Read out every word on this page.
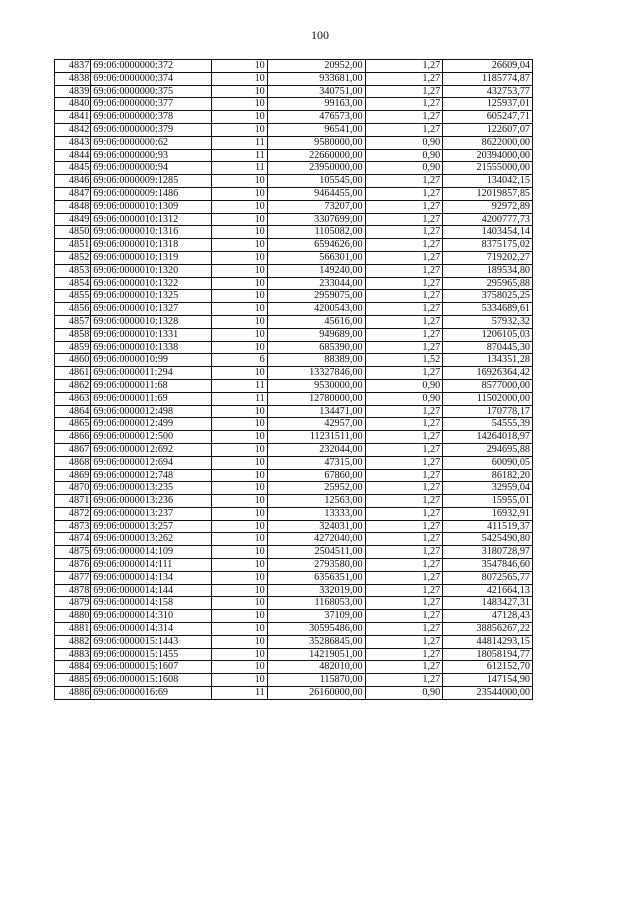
100
4837	69:06:0000000:372	10	20952,00	1,27	26609,04
4838	69:06:0000000:374	10	933681,00	1,27	1185774,87
4839	69:06:0000000:375	10	340751,00	1,27	432753,77
4840	69:06:0000000:377	10	99163,00	1,27	125937,01
4841	69:06:0000000:378	10	476573,00	1,27	605247,71
4842	69:06:0000000:379	10	96541,00	1,27	122607,07
4843	69:06:0000000:62	11	9580000,00	0,90	8622000,00
4844	69:06:0000000:93	11	22660000,00	0,90	20394000,00
4845	69:06:0000000:94	11	23950000,00	0,90	21555000,00
4846	69:06:0000009:1285	10	105545,00	1,27	134042,15
4847	69:06:0000009:1486	10	9464455,00	1,27	12019857,85
4848	69:06:0000010:1309	10	73207,00	1,27	92972,89
4849	69:06:0000010:1312	10	3307699,00	1,27	4200777,73
4850	69:06:0000010:1316	10	1105082,00	1,27	1403454,14
4851	69:06:0000010:1318	10	6594626,00	1,27	8375175,02
4852	69:06:0000010:1319	10	566301,00	1,27	719202,27
4853	69:06:0000010:1320	10	149240,00	1,27	189534,80
4854	69:06:0000010:1322	10	233044,00	1,27	295965,88
4855	69:06:0000010:1325	10	2959075,00	1,27	3758025,25
4856	69:06:0000010:1327	10	4200543,00	1,27	5334689,61
4857	69:06:0000010:1328	10	45616,00	1,27	57932,32
4858	69:06:0000010:1331	10	949689,00	1,27	1206105,03
4859	69:06:0000010:1338	10	685390,00	1,27	870445,30
4860	69:06:0000010:99	6	88389,00	1,52	134351,28
4861	69:06:0000011:294	10	13327846,00	1,27	16926364,42
4862	69:06:0000011:68	11	9530000,00	0,90	8577000,00
4863	69:06:0000011:69	11	12780000,00	0,90	11502000,00
4864	69:06:0000012:498	10	134471,00	1,27	170778,17
4865	69:06:0000012:499	10	42957,00	1,27	54555,39
4866	69:06:0000012:500	10	11231511,00	1,27	14264018,97
4867	69:06:0000012:692	10	232044,00	1,27	294695,88
4868	69:06:0000012:694	10	47315,00	1,27	60090,05
4869	69:06:0000012:748	10	67860,00	1,27	86182,20
4870	69:06:0000013:235	10	25952,00	1,27	32959,04
4871	69:06:0000013:236	10	12563,00	1,27	15955,01
4872	69:06:0000013:237	10	13333,00	1,27	16932,91
4873	69:06:0000013:257	10	324031,00	1,27	411519,37
4874	69:06:0000013:262	10	4272040,00	1,27	5425490,80
4875	69:06:0000014:109	10	2504511,00	1,27	3180728,97
4876	69:06:0000014:111	10	2793580,00	1,27	3547846,60
4877	69:06:0000014:134	10	6356351,00	1,27	8072565,77
4878	69:06:0000014:144	10	332019,00	1,27	421664,13
4879	69:06:0000014:158	10	1168053,00	1,27	1483427,31
4880	69:06:0000014:310	10	37109,00	1,27	47128,43
4881	69:06:0000014:314	10	30595486,00	1,27	38856267,22
4882	69:06:0000015:1443	10	35286845,00	1,27	44814293,15
4883	69:06:0000015:1455	10	14219051,00	1,27	18058194,77
4884	69:06:0000015:1607	10	482010,00	1,27	612152,70
4885	69:06:0000015:1608	10	115870,00	1,27	147154,90
4886	69:06:0000016:69	11	26160000,00	0,90	23544000,00
